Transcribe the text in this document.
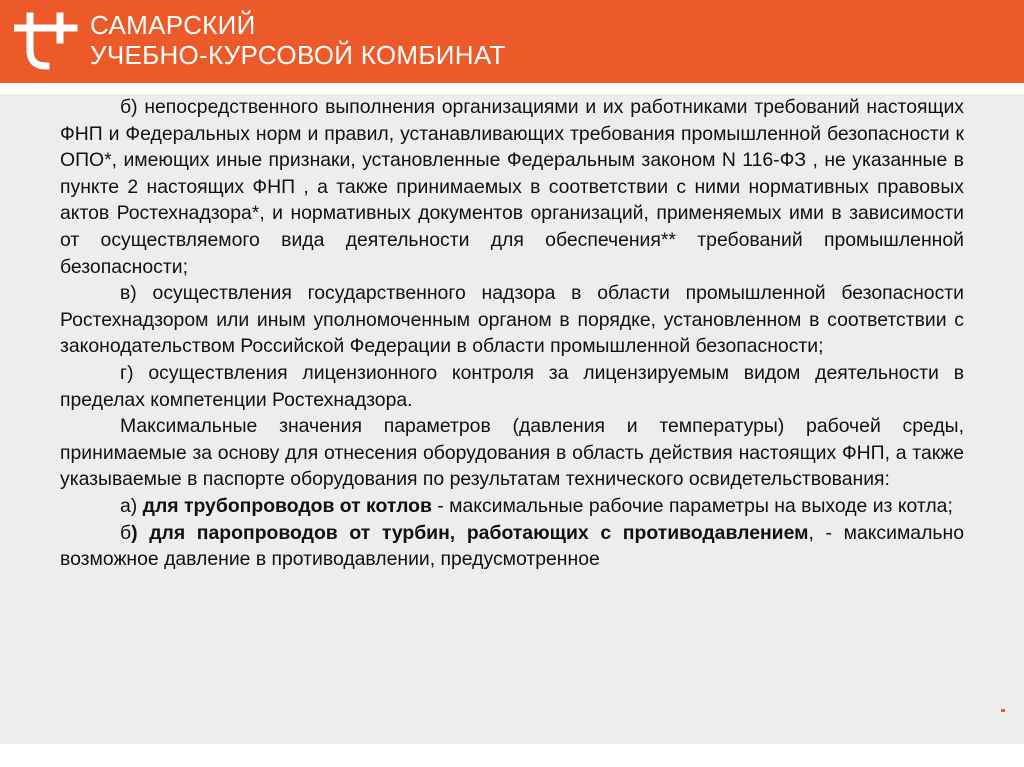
САМАРСКИЙ
УЧЕБНО-КУРСОВОЙ КОМБИНАТ

б) непосредственного выполнения организациями и их работниками требований настоящих ФНП и Федеральных норм и правил, устанавливающих требования промышленной безопасности к ОПО*, имеющих иные признаки, установленные Федеральным законом N 116-ФЗ , не указанные в пункте 2 настоящих ФНП , а также принимаемых в соответствии с ними нормативных правовых актов Ростехнадзора*, и нормативных документов организаций, применяемых ими в зависимости от осуществляемого вида деятельности для обеспечения** требований промышленной безопасности;

в) осуществления государственного надзора в области промышленной безопасности Ростехнадзором или иным уполномоченным органом в порядке, установленном в соответствии с законодательством Российской Федерации в области промышленной безопасности;

г) осуществления лицензионного контроля за лицензируемым видом деятельности в пределах компетенции Ростехнадзора.

Максимальные значения параметров (давления и температуры) рабочей среды, принимаемые за основу для отнесения оборудования в область действия настоящих ФНП, а также указываемые в паспорте оборудования по результатам технического освидетельствования:

а) для трубопроводов от котлов - максимальные рабочие параметры на выходе из котла;

б) для паропроводов от турбин, работающих с противодавлением, - максимально возможное давление в противодавлении, предусмотренное
